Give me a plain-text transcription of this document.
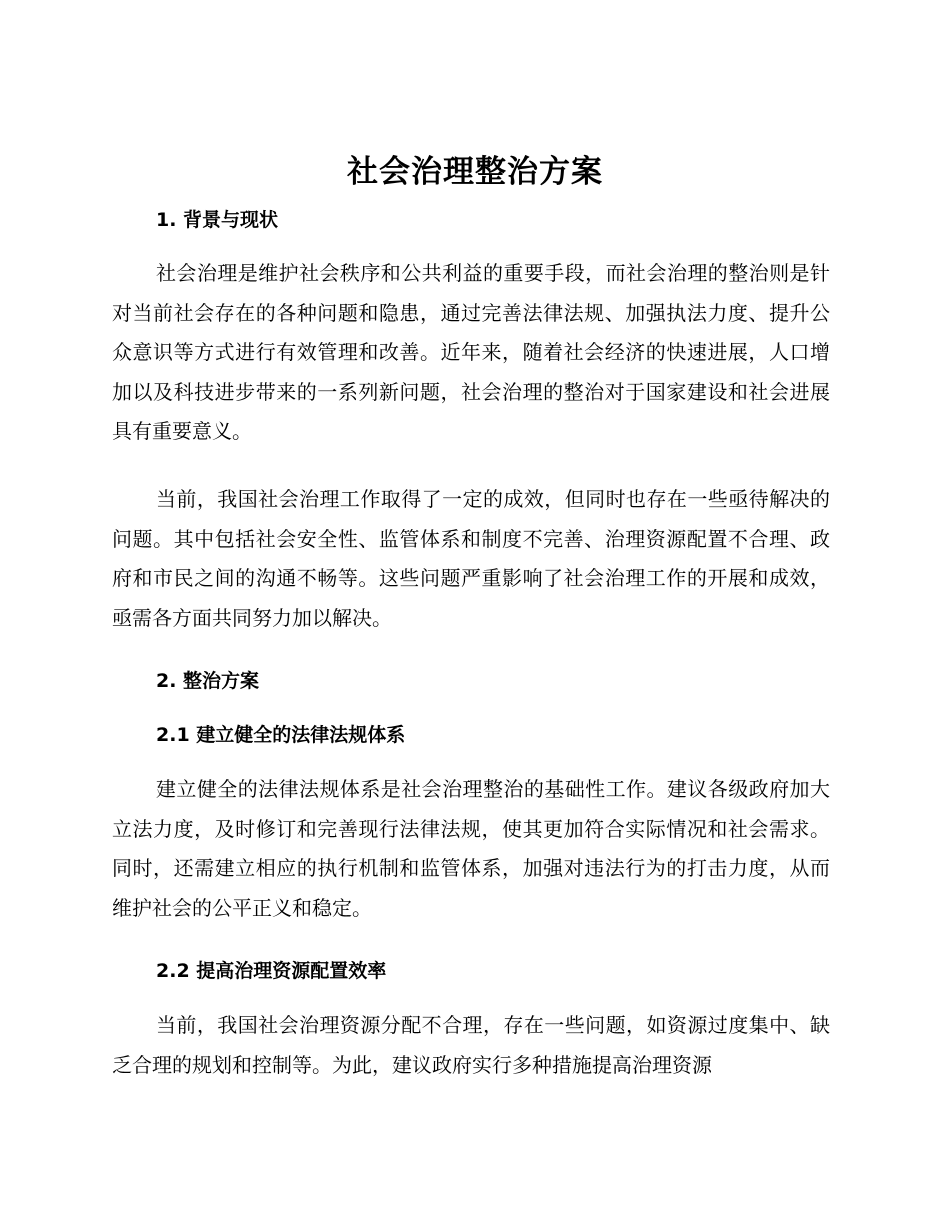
社会治理整治方案
1. 背景与现状

社会治理是维护社会秩序和公共利益的重要手段，而社会治理的整治则是针对当前社会存在的各种问题和隐患，通过完善法律法规、加强执法力度、提升公众意识等方式进行有效管理和改善。近年来，随着社会经济的快速进展，人口增加以及科技进步带来的一系列新问题，社会治理的整治对于国家建设和社会进展具有重要意义。

当前，我国社会治理工作取得了一定的成效，但同时也存在一些亟待解决的问题。其中包括社会安全性、监管体系和制度不完善、治理资源配置不合理、政府和市民之间的沟通不畅等。这些问题严重影响了社会治理工作的开展和成效，亟需各方面共同努力加以解决。

2. 整治方案
2.1 建立健全的法律法规体系

建立健全的法律法规体系是社会治理整治的基础性工作。建议各级政府加大立法力度，及时修订和完善现行法律法规，使其更加符合实际情况和社会需求。同时，还需建立相应的执行机制和监管体系，加强对违法行为的打击力度，从而维护社会的公平正义和稳定。

2.2 提高治理资源配置效率

当前，我国社会治理资源分配不合理，存在一些问题，如资源过度集中、缺乏合理的规划和控制等。为此，建议政府实行多种措施提高治理资源
